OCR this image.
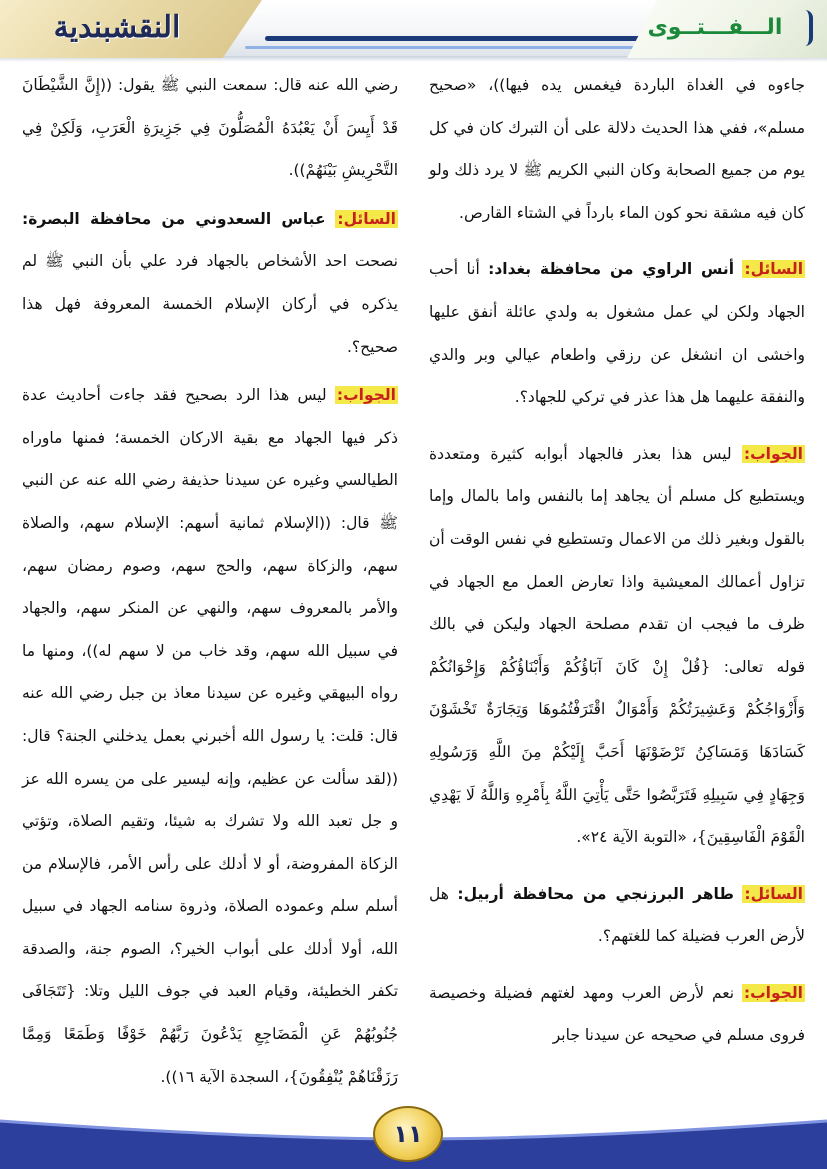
النقشبندية	الـــفـــتــوى

جاءوه في الغداة الباردة فيغمس يده فيها))، «صحيح مسلم»، ففي هذا الحديث دلالة على أن التبرك كان في كل يوم من جميع الصحابة وكان النبي الكريم ﷺ لا يرد ذلك ولو كان فيه مشقة نحو كون الماء بارداً في الشتاء القارص.

السائل: أنس الراوي من محافظة بغداد: أنا أحب الجهاد ولكن لي عمل مشغول به ولدي عائلة أنفق عليها واخشى ان انشغل عن رزقي واطعام عيالي وبر والدي والنفقة عليهما هل هذا عذر في تركي للجهاد؟.

الجواب: ليس هذا بعذر فالجهاد أبوابه كثيرة ومتعددة ويستطيع كل مسلم أن يجاهد إما بالنفس واما بالمال وإما بالقول وبغير ذلك من الاعمال وتستطيع في نفس الوقت أن تزاول أعمالك المعيشية واذا تعارض العمل مع الجهاد في ظرف ما فيجب ان تقدم مصلحة الجهاد وليكن في بالك قوله تعالى: {قُلْ إِنْ كَانَ آبَاؤُكُمْ وَأَبْنَاؤُكُمْ وَإِخْوَانُكُمْ وَأَزْوَاجُكُمْ وَعَشِيرَتُكُمْ وَأَمْوَالٌ اقْتَرَفْتُمُوهَا وَتِجَارَةٌ تَخْشَوْنَ كَسَادَهَا وَمَسَاكِنُ تَرْضَوْنَهَا أَحَبَّ إِلَيْكُمْ مِنَ اللَّهِ وَرَسُولِهِ وَجِهَادٍ فِي سَبِيلِهِ فَتَرَبَّصُوا حَتَّى يَأْتِيَ اللَّهُ بِأَمْرِهِ وَاللَّهُ لَا يَهْدِي الْقَوْمَ الْفَاسِقِينَ}، «التوبة الآية ٢٤».

السائل: طاهر البرزنجي من محافظة أربيل: هل لأرض العرب فضيلة كما للغتهم؟.

الجواب: نعم لأرض العرب ومهد لغتهم فضيلة وخصيصة فروى مسلم في صحيحه عن سيدنا جابر

رضي الله عنه قال: سمعت النبي ﷺ يقول: ((إِنَّ الشَّيْطَانَ قَدْ أَيِسَ أَنْ يَعْبُدَهُ الْمُصَلُّونَ فِي جَزِيرَةِ الْعَرَبِ، وَلَكِنْ فِي التَّحْرِيشِ بَيْنَهُمْ)).

السائل: عباس السعدوني من محافظة البصرة: نصحت احد الأشخاص بالجهاد فرد علي بأن النبي ﷺ لم يذكره في أركان الإسلام الخمسة المعروفة فهل هذا صحيح؟.

الجواب: ليس هذا الرد بصحيح فقد جاءت أحاديث عدة ذكر فيها الجهاد مع بقية الاركان الخمسة؛ فمنها ماوراه الطيالسي وغيره عن سيدنا حذيفة رضي الله عنه عن النبي ﷺ قال: ((الإسلام ثمانية أسهم: الإسلام سهم، والصلاة سهم، والزكاة سهم، والحج سهم، وصوم رمضان سهم، والأمر بالمعروف سهم، والنهي عن المنكر سهم، والجهاد في سبيل الله سهم، وقد خاب من لا سهم له))، ومنها ما رواه البيهقي وغيره عن سيدنا معاذ بن جبل رضي الله عنه قال: قلت: يا رسول الله أخبرني بعمل يدخلني الجنة؟ قال: ((لقد سألت عن عظيم، وإنه ليسير على من يسره الله عز و جل تعبد الله ولا تشرك به شيئا، وتقيم الصلاة، وتؤتي الزكاة المفروضة، أو لا أدلك على رأس الأمر، فالإسلام من أسلم سلم وعموده الصلاة، وذروة سنامه الجهاد في سبيل الله، أولا أدلك على أبواب الخير؟، الصوم جنة، والصدقة تكفر الخطيئة، وقيام العبد في جوف الليل وتلا: {تَتَجَافَى جُنُوبُهُمْ عَنِ الْمَضَاجِعِ يَدْعُونَ رَبَّهُمْ خَوْفًا وَطَمَعًا وَمِمَّا رَزَقْنَاهُمْ يُنْفِقُونَ}، السجدة الآية ١٦)).

١١
